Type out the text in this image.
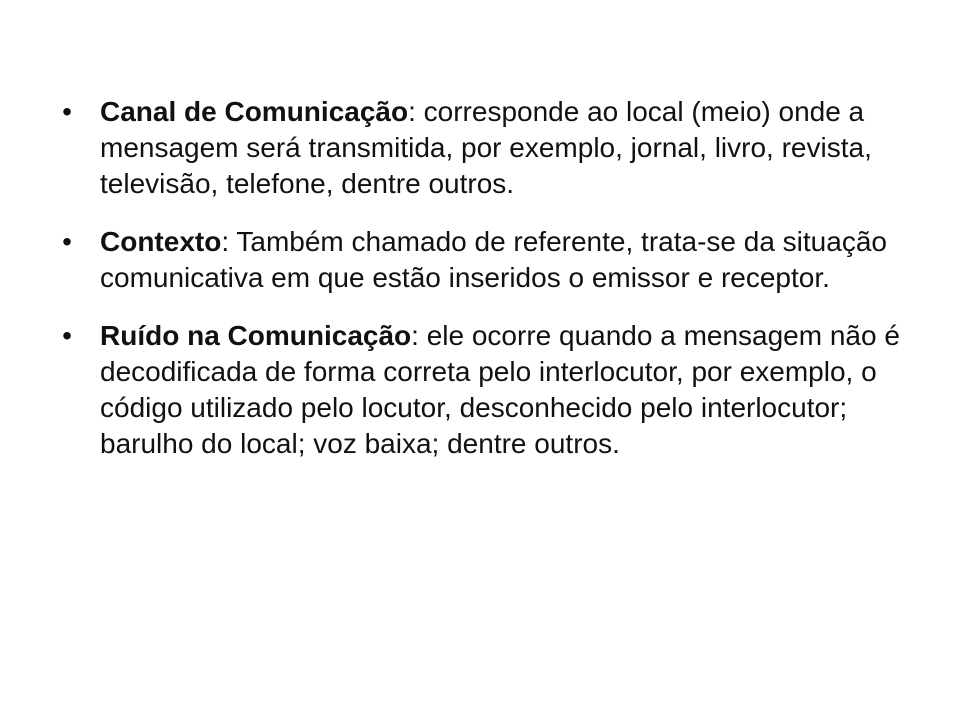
• Canal de Comunicação: corresponde ao local (meio) onde a mensagem será transmitida, por exemplo, jornal, livro, revista, televisão, telefone, dentre outros.
• Contexto: Também chamado de referente, trata-se da situação comunicativa em que estão inseridos o emissor e receptor.
• Ruído na Comunicação: ele ocorre quando a mensagem não é decodificada de forma correta pelo interlocutor, por exemplo, o código utilizado pelo locutor, desconhecido pelo interlocutor; barulho do local; voz baixa; dentre outros.
